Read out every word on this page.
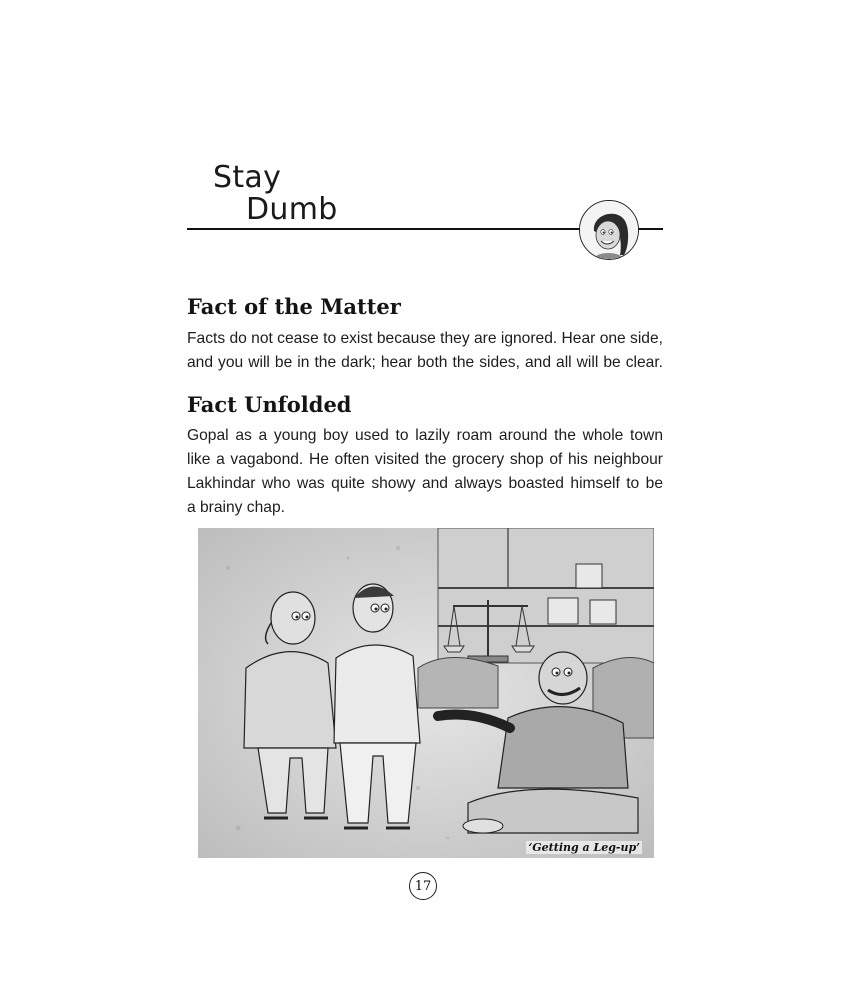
Stay
Dumb
Fact of the Matter
Facts do not cease to exist because they are ignored. Hear one side,
and you will be in the dark; hear both the sides, and all will be clear.
Fact Unfolded
Gopal as a young boy used to lazily roam around the whole town
like a vagabond. He often visited the grocery shop of his neighbour
Lakhindar who was quite showy and always boasted himself to be
a brainy chap.
‘Getting a Leg-up’
17
